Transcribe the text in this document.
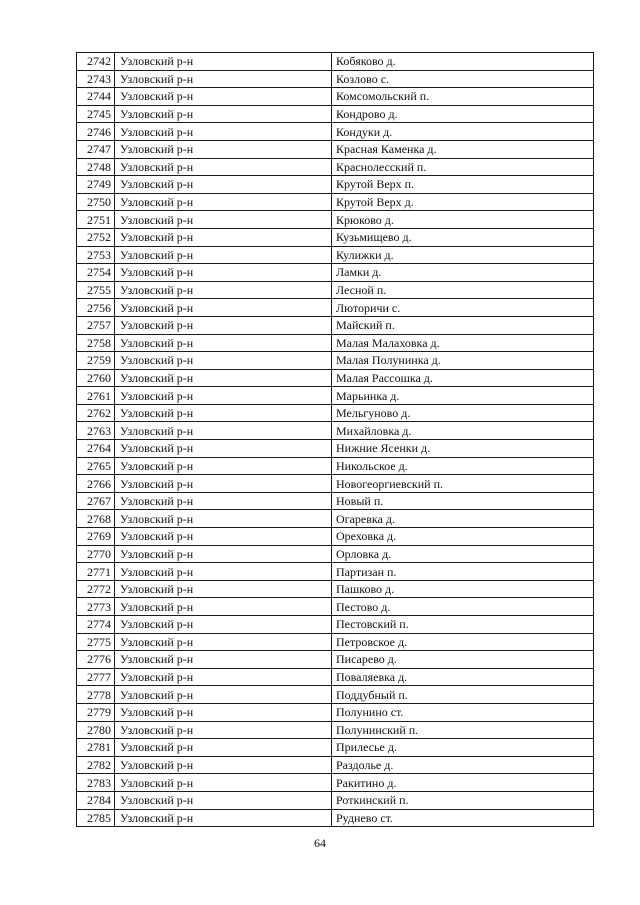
2742	Узловский р-н	Кобяково д.
2743	Узловский р-н	Козлово с.
2744	Узловский р-н	Комсомольский п.
2745	Узловский р-н	Кондрово д.
2746	Узловский р-н	Кондуки д.
2747	Узловский р-н	Красная Каменка д.
2748	Узловский р-н	Краснолесский п.
2749	Узловский р-н	Крутой Верх п.
2750	Узловский р-н	Крутой Верх д.
2751	Узловский р-н	Крюково д.
2752	Узловский р-н	Кузьмищево д.
2753	Узловский р-н	Кулижки д.
2754	Узловский р-н	Ламки д.
2755	Узловский р-н	Лесной п.
2756	Узловский р-н	Люторичи с.
2757	Узловский р-н	Майский п.
2758	Узловский р-н	Малая Малаховка д.
2759	Узловский р-н	Малая Полунинка д.
2760	Узловский р-н	Малая Рассошка д.
2761	Узловский р-н	Марьинка д.
2762	Узловский р-н	Мельгуново д.
2763	Узловский р-н	Михайловка д.
2764	Узловский р-н	Нижние Ясенки д.
2765	Узловский р-н	Никольское д.
2766	Узловский р-н	Новогеоргиевский п.
2767	Узловский р-н	Новый п.
2768	Узловский р-н	Огаревка д.
2769	Узловский р-н	Ореховка д.
2770	Узловский р-н	Орловка д.
2771	Узловский р-н	Партизан п.
2772	Узловский р-н	Пашково д.
2773	Узловский р-н	Пестово д.
2774	Узловский р-н	Пестовский п.
2775	Узловский р-н	Петровское д.
2776	Узловский р-н	Писарево д.
2777	Узловский р-н	Поваляевка д.
2778	Узловский р-н	Поддубный п.
2779	Узловский р-н	Полунино ст.
2780	Узловский р-н	Полунинский п.
2781	Узловский р-н	Прилесье д.
2782	Узловский р-н	Раздолье д.
2783	Узловский р-н	Ракитино д.
2784	Узловский р-н	Роткинский п.
2785	Узловский р-н	Руднево ст.
64
